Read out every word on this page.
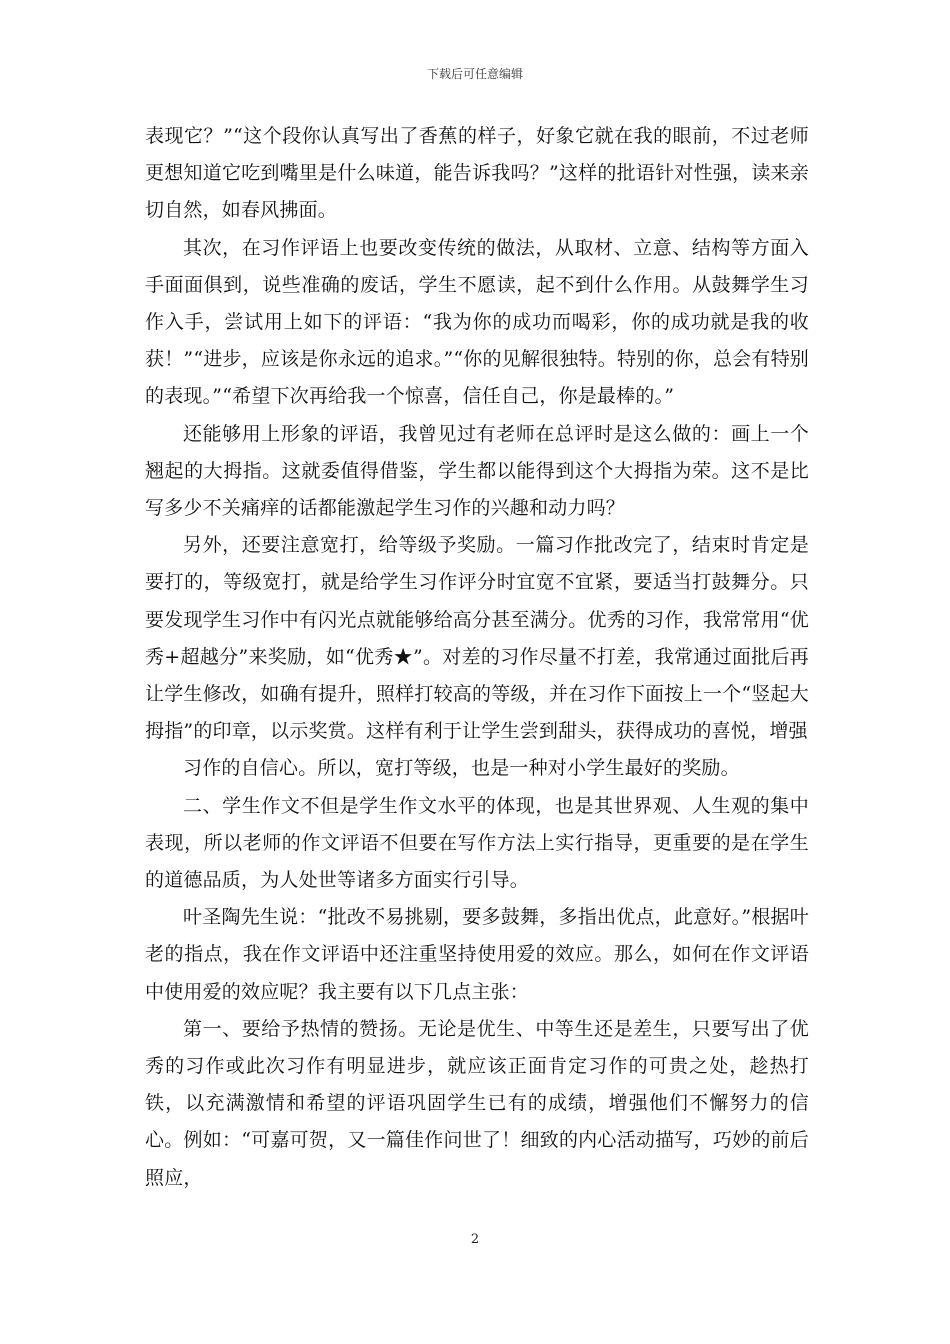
下载后可任意编辑

表现它？”“这个段你认真写出了香蕉的样子，好象它就在我的眼前，不过老师更想知道它吃到嘴里是什么味道，能告诉我吗？”这样的批语针对性强，读来亲切自然，如春风拂面。

其次，在习作评语上也要改变传统的做法，从取材、立意、结构等方面入手面面俱到，说些准确的废话，学生不愿读，起不到什么作用。从鼓舞学生习作入手，尝试用上如下的评语：“我为你的成功而喝彩，你的成功就是我的收获！”“进步，应该是你永远的追求。”“你的见解很独特。特别的你，总会有特别的表现。”“希望下次再给我一个惊喜，信任自己，你是最棒的。”

还能够用上形象的评语，我曾见过有老师在总评时是这么做的：画上一个翘起的大拇指。这就委值得借鉴，学生都以能得到这个大拇指为荣。这不是比写多少不关痛痒的话都能激起学生习作的兴趣和动力吗？

另外，还要注意宽打，给等级予奖励。一篇习作批改完了，结束时肯定是要打的，等级宽打，就是给学生习作评分时宜宽不宜紧，要适当打鼓舞分。只要发现学生习作中有闪光点就能够给高分甚至满分。优秀的习作，我常常用“优秀+超越分”来奖励，如“优秀★”。对差的习作尽量不打差，我常通过面批后再让学生修改，如确有提升，照样打较高的等级，并在习作下面按上一个“竖起大拇指”的印章，以示奖赏。这样有利于让学生尝到甜头，获得成功的喜悦，增强

习作的自信心。所以，宽打等级，也是一种对小学生最好的奖励。

二、学生作文不但是学生作文水平的体现，也是其世界观、人生观的集中表现，所以老师的作文评语不但要在写作方法上实行指导，更重要的是在学生的道德品质，为人处世等诸多方面实行引导。

叶圣陶先生说：“批改不易挑剔，要多鼓舞，多指出优点，此意好。”根据叶老的指点，我在作文评语中还注重坚持使用爱的效应。那么，如何在作文评语中使用爱的效应呢？我主要有以下几点主张：

第一、要给予热情的赞扬。无论是优生、中等生还是差生，只要写出了优秀的习作或此次习作有明显进步，就应该正面肯定习作的可贵之处，趁热打铁，以充满激情和希望的评语巩固学生已有的成绩，增强他们不懈努力的信心。例如：“可嘉可贺，又一篇佳作问世了！细致的内心活动描写，巧妙的前后照应，

2
